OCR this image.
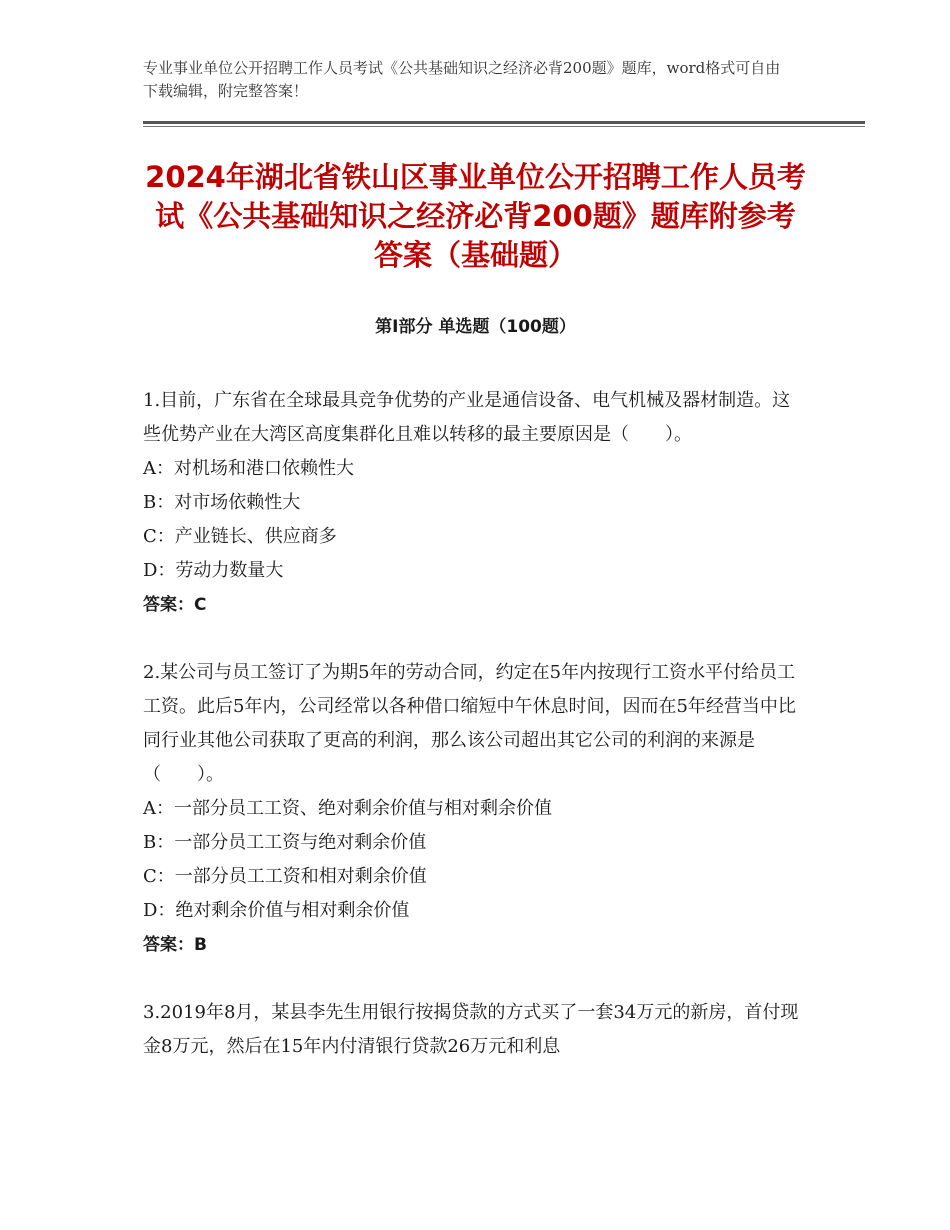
专业事业单位公开招聘工作人员考试《公共基础知识之经济必背200题》题库，word格式可自由下载编辑，附完整答案！
2024年湖北省铁山区事业单位公开招聘工作人员考试《公共基础知识之经济必背200题》题库附参考答案（基础题）
第Ⅰ部分 单选题（100题）

1.目前，广东省在全球最具竞争优势的产业是通信设备、电气机械及器材制造。这些优势产业在大湾区高度集群化且难以转移的最主要原因是（　　）。

A：对机场和港口依赖性大

B：对市场依赖性大

C：产业链长、供应商多

D：劳动力数量大

答案：C

2.某公司与员工签订了为期5年的劳动合同，约定在5年内按现行工资水平付给员工工资。此后5年内，公司经常以各种借口缩短中午休息时间，因而在5年经营当中比同行业其他公司获取了更高的利润，那么该公司超出其它公司的利润的来源是（　　）。

A：一部分员工工资、绝对剩余价值与相对剩余价值

B：一部分员工工资与绝对剩余价值

C：一部分员工工资和相对剩余价值

D：绝对剩余价值与相对剩余价值

答案：B

3.2019年8月，某县李先生用银行按揭贷款的方式买了一套34万元的新房，首付现金8万元，然后在15年内付清银行贷款26万元和利息
